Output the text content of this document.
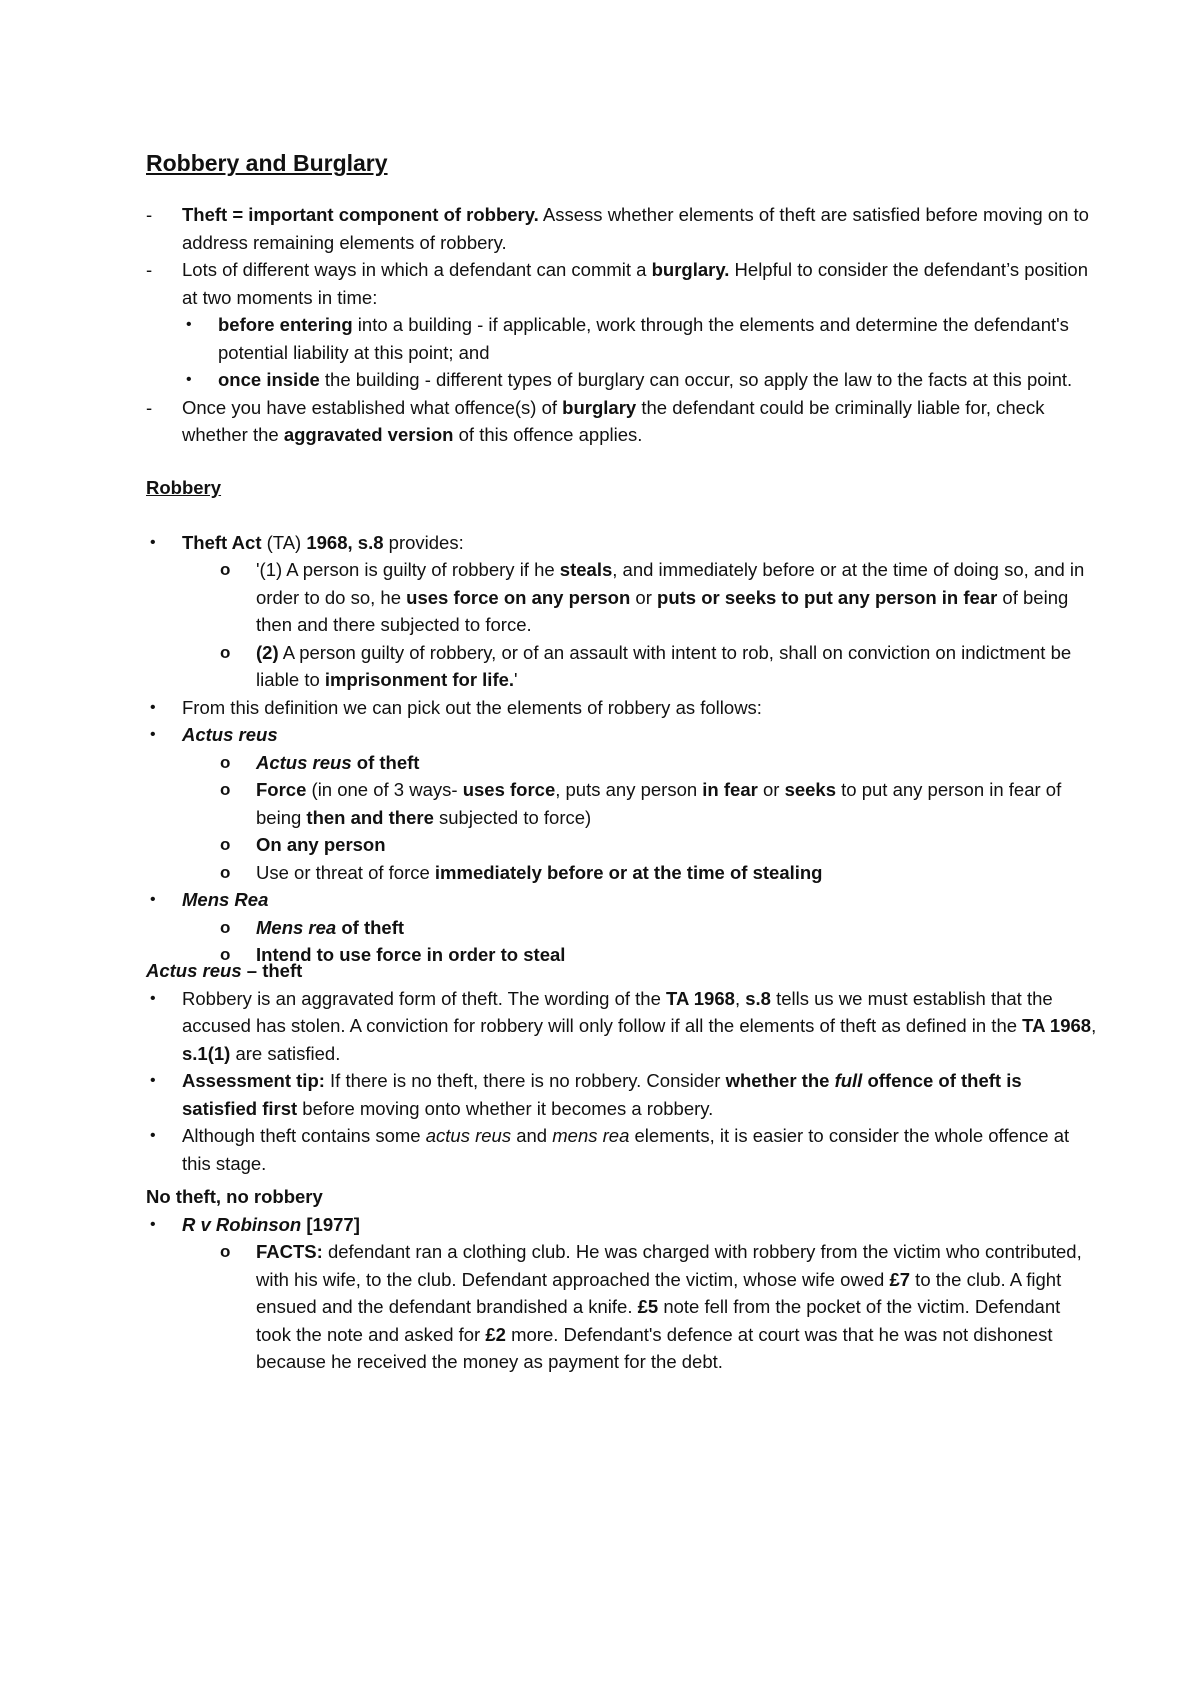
Robbery and Burglary
-	Theft = important component of robbery. Assess whether elements of theft are satisfied before moving on to address remaining elements of robbery.
-	Lots of different ways in which a defendant can commit a burglary. Helpful to consider the defendant’s position at two moments in time:
• before entering into a building - if applicable, work through the elements and determine the defendant's potential liability at this point; and
• once inside the building - different types of burglary can occur, so apply the law to the facts at this point.
-	Once you have established what offence(s) of burglary the defendant could be criminally liable for, check whether the aggravated version of this offence applies.

Robbery

• Theft Act (TA) 1968, s.8 provides:
o '(1) A person is guilty of robbery if he steals, and immediately before or at the time of doing so, and in order to do so, he uses force on any person or puts or seeks to put any person in fear of being then and there subjected to force.
o (2) A person guilty of robbery, or of an assault with intent to rob, shall on conviction on indictment be liable to imprisonment for life.'
• From this definition we can pick out the elements of robbery as follows:
• Actus reus
o Actus reus of theft
o Force (in one of 3 ways- uses force, puts any person in fear or seeks to put any person in fear of being then and there subjected to force)
o On any person
o Use or threat of force immediately before or at the time of stealing
• Mens Rea
o Mens rea of theft
o Intend to use force in order to steal

Actus reus – theft

• Robbery is an aggravated form of theft. The wording of the TA 1968, s.8 tells us we must establish that the accused has stolen. A conviction for robbery will only follow if all the elements of theft as defined in the TA 1968, s.1(1) are satisfied.
• Assessment tip: If there is no theft, there is no robbery. Consider whether the full offence of theft is satisfied first before moving onto whether it becomes a robbery.
• Although theft contains some actus reus and mens rea elements, it is easier to consider the whole offence at this stage.

No theft, no robbery

• R v Robinson [1977]
o FACTS: defendant ran a clothing club. He was charged with robbery from the victim who contributed, with his wife, to the club. Defendant approached the victim, whose wife owed £7 to the club. A fight ensued and the defendant brandished a knife. £5 note fell from the pocket of the victim. Defendant took the note and asked for £2 more. Defendant's defence at court was that he was not dishonest because he received the money as payment for the debt.
